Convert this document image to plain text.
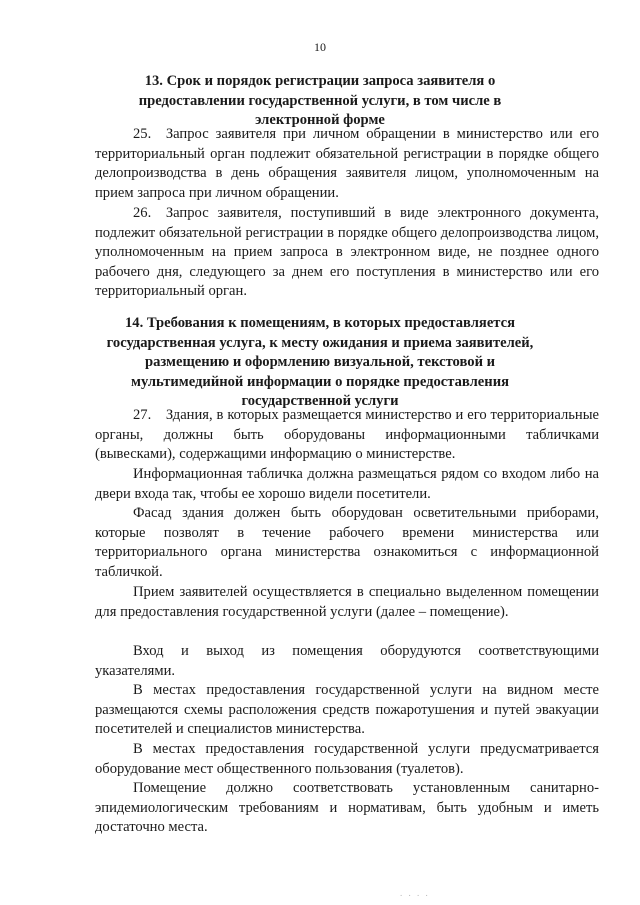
10
13. Срок и порядок регистрации запроса заявителя о предоставлении государственной услуги, в том числе в электронной форме
25. Запрос заявителя при личном обращении в министерство или его территориальный орган подлежит обязательной регистрации в порядке общего делопроизводства в день обращения заявителя лицом, уполномоченным на прием запроса при личном обращении.
26. Запрос заявителя, поступивший в виде электронного документа, подлежит обязательной регистрации в порядке общего делопроизводства лицом, уполномоченным на прием запроса в электронном виде, не позднее одного рабочего дня, следующего за днем его поступления в министерство или его территориальный орган.
14. Требования к помещениям, в которых предоставляется государственная услуга, к месту ожидания и приема заявителей, размещению и оформлению визуальной, текстовой и мультимедийной информации о порядке предоставления государственной услуги
27. Здания, в которых размещается министерство и его территориальные органы, должны быть оборудованы информационными табличками (вывесками), содержащими информацию о министерстве.
Информационная табличка должна размещаться рядом со входом либо на двери входа так, чтобы ее хорошо видели посетители.
Фасад здания должен быть оборудован осветительными приборами, которые позволят в течение рабочего времени министерства или территориального органа министерства ознакомиться с информационной табличкой.
Прием заявителей осуществляется в специально выделенном помещении для предоставления государственной услуги (далее – помещение).
Вход и выход из помещения оборудуются соответствующими указателями.
В местах предоставления государственной услуги на видном месте размещаются схемы расположения средств пожаротушения и путей эвакуации посетителей и специалистов министерства.
В местах предоставления государственной услуги предусматривается оборудование мест общественного пользования (туалетов).
Помещение должно соответствовать установленным санитарно-эпидемиологическим требованиям и нормативам, быть удобным и иметь достаточно места.
. . . .
